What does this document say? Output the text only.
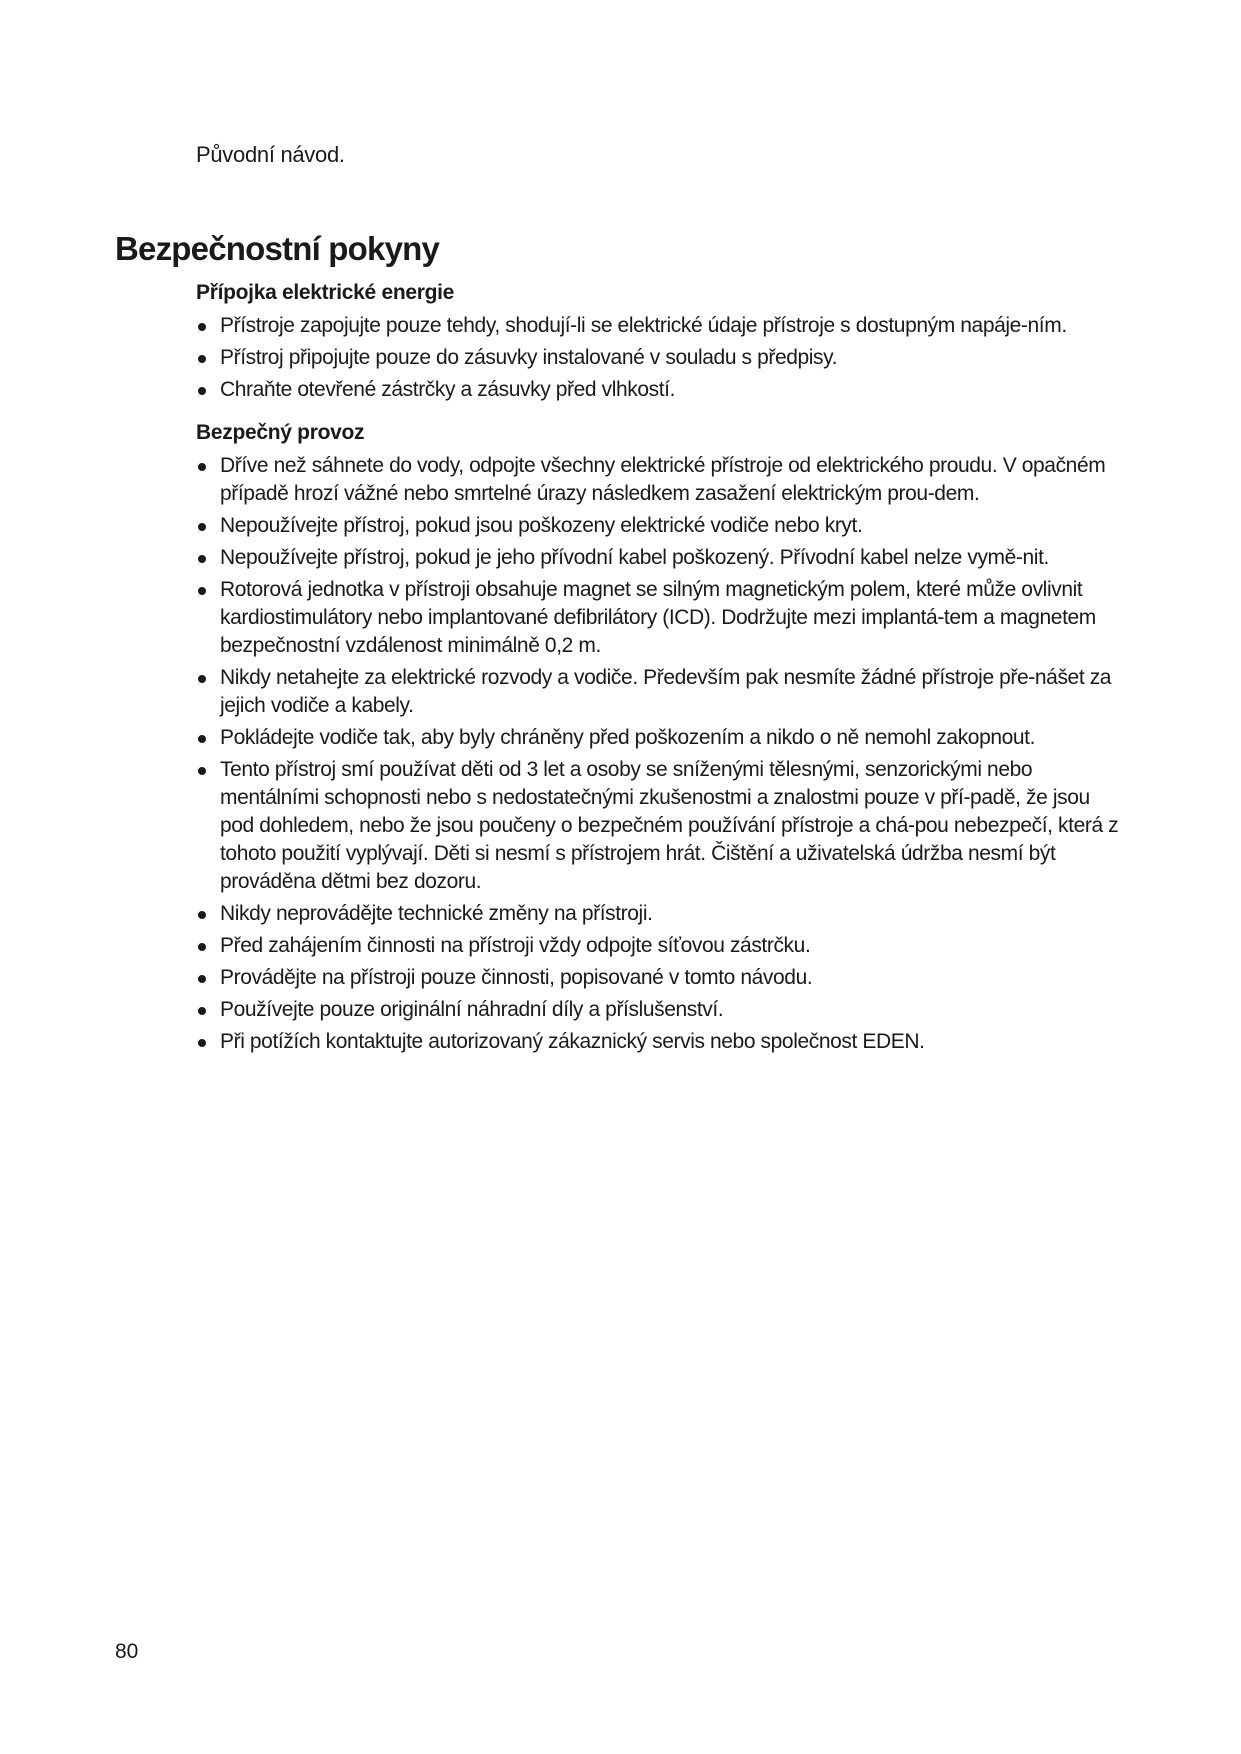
Původní návod.

Bezpečnostní pokyny
Přípojka elektrické energie
Přístroje zapojujte pouze tehdy, shodují-li se elektrické údaje přístroje s dostupným napáje-ním.
Přístroj připojujte pouze do zásuvky instalované v souladu s předpisy.
Chraňte otevřené zástrčky a zásuvky před vlhkostí.
Bezpečný provoz
Dříve než sáhnete do vody, odpojte všechny elektrické přístroje od elektrického proudu. V opačném případě hrozí vážné nebo smrtelné úrazy následkem zasažení elektrickým prou-dem.
Nepoužívejte přístroj, pokud jsou poškozeny elektrické vodiče nebo kryt.
Nepoužívejte přístroj, pokud je jeho přívodní kabel poškozený. Přívodní kabel nelze vymě-nit.
Rotorová jednotka v přístroji obsahuje magnet se silným magnetickým polem, které může ovlivnit kardiostimulátory nebo implantované defibrilátory (ICD). Dodržujte mezi implantá-tem a magnetem bezpečnostní vzdálenost minimálně 0,2 m.
Nikdy netahejte za elektrické rozvody a vodiče. Především pak nesmíte žádné přístroje pře-nášet za jejich vodiče a kabely.
Pokládejte vodiče tak, aby byly chráněny před poškozením a nikdo o ně nemohl zakopnout.
Tento přístroj smí používat děti od 3 let a osoby se sníženými tělesnými, senzorickými nebo mentálními schopnosti nebo s nedostatečnými zkušenostmi a znalostmi pouze v pří-padě, že jsou pod dohledem, nebo že jsou poučeny o bezpečném používání přístroje a chá-pou nebezpečí, která z tohoto použití vyplývají. Děti si nesmí s přístrojem hrát. Čištění a uživatelská údržba nesmí být prováděna dětmi bez dozoru.
Nikdy neprovádějte technické změny na přístroji.
Před zahájením činnosti na přístroji vždy odpojte síťovou zástrčku.
Provádějte na přístroji pouze činnosti, popisované v tomto návodu.
Používejte pouze originální náhradní díly a příslušenství.
Při potížích kontaktujte autorizovaný zákaznický servis nebo společnost EDEN.

80
